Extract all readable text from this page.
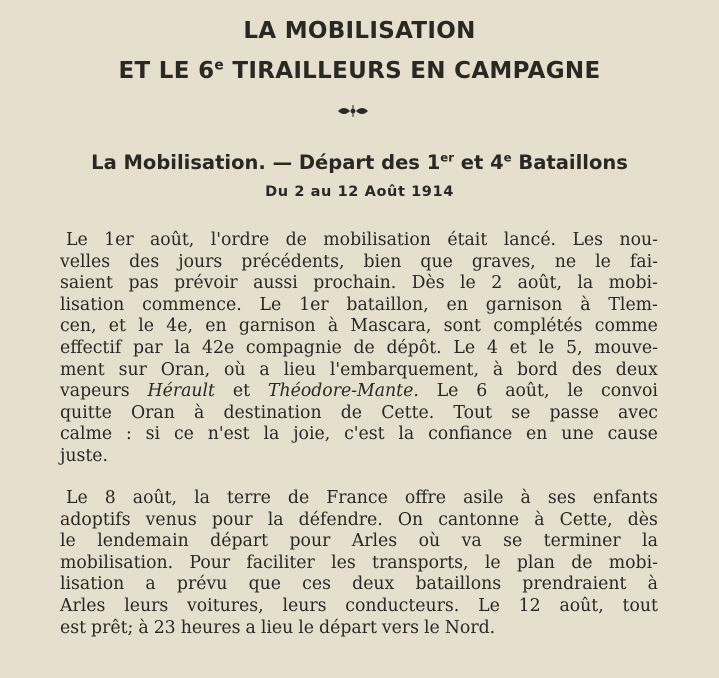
LA MOBILISATION
ET LE 6e TIRAILLEURS EN CAMPAGNE
La Mobilisation. — Départ des 1er et 4e Bataillons
Du 2 au 12 Août 1914
Le 1er août, l'ordre de mobilisation était lancé. Les nou-
velles des jours précédents, bien que graves, ne le fai-
saient pas prévoir aussi prochain. Dès le 2 août, la mobi-
lisation commence. Le 1er bataillon, en garnison à Tlem-
cen, et le 4e, en garnison à Mascara, sont complétés comme
effectif par la 42e compagnie de dépôt. Le 4 et le 5, mouve-
ment sur Oran, où a lieu l'embarquement, à bord des deux
vapeurs Hérault et Théodore-Mante. Le 6 août, le convoi
quitte Oran à destination de Cette. Tout se passe avec
calme : si ce n'est la joie, c'est la confiance en une cause
juste.
Le 8 août, la terre de France offre asile à ses enfants
adoptifs venus pour la défendre. On cantonne à Cette, dès
le lendemain départ pour Arles où va se terminer la
mobilisation. Pour faciliter les transports, le plan de mobi-
lisation a prévu que ces deux bataillons prendraient à
Arles leurs voitures, leurs conducteurs. Le 12 août, tout
est prêt; à 23 heures a lieu le départ vers le Nord.
